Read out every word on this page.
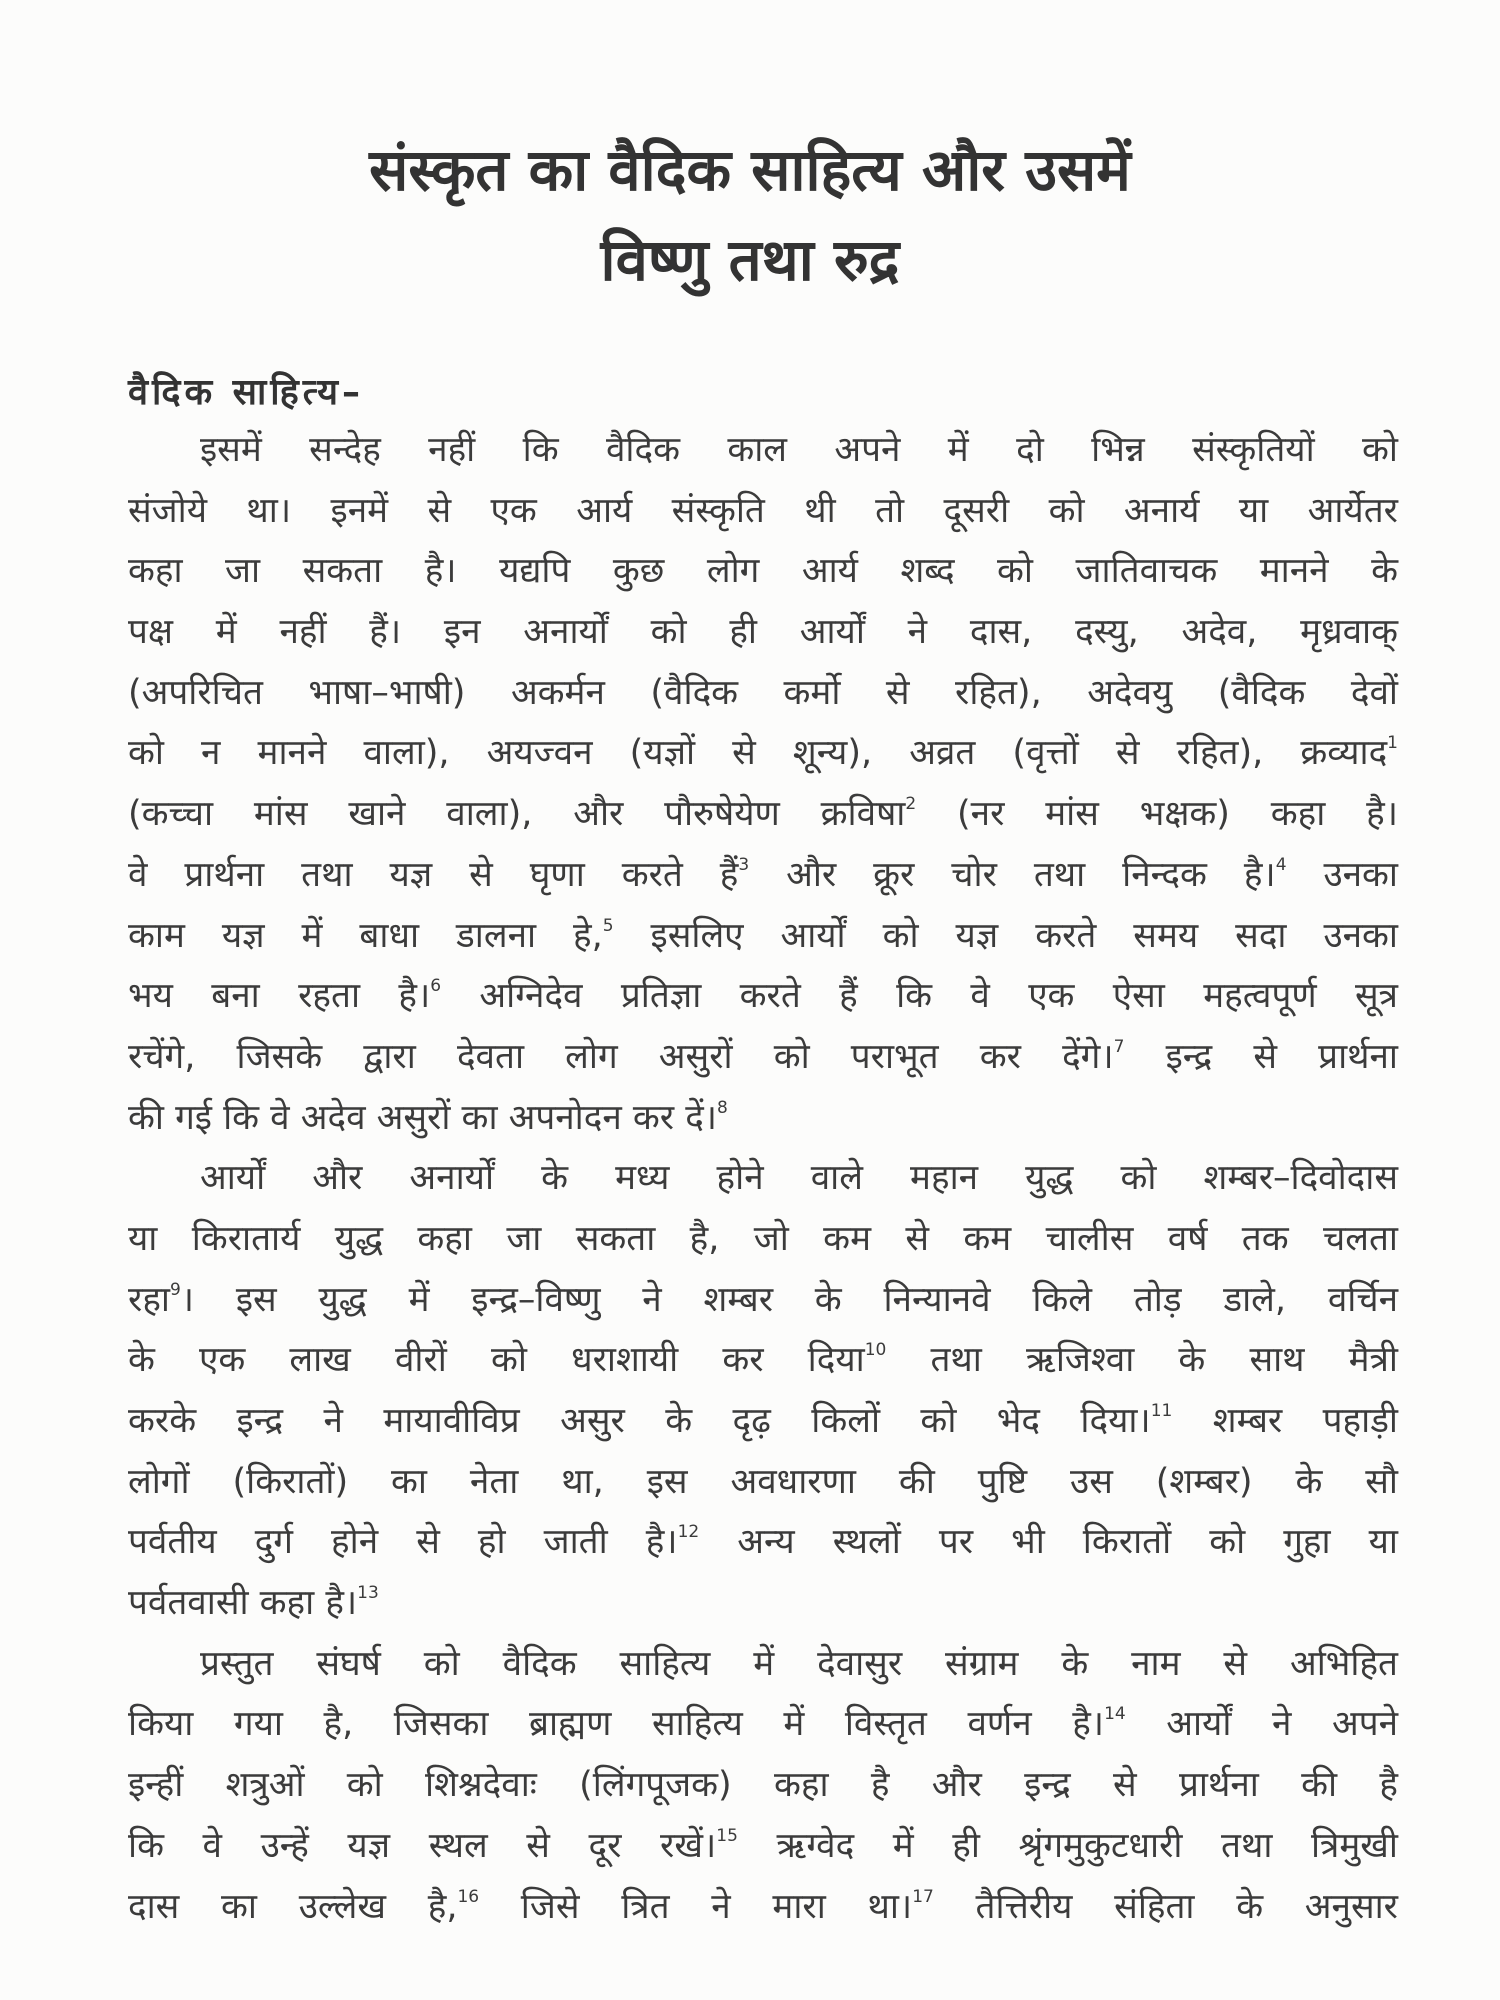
संस्कृत का वैदिक साहित्य और उसमें
विष्णु तथा रुद्र
वैदिक साहित्य–
इसमें सन्देह नहीं कि वैदिक काल अपने में दो भिन्न संस्कृतियों को
संजोये था। इनमें से एक आर्य संस्कृति थी तो दूसरी को अनार्य या आर्येतर
कहा जा सकता है। यद्यपि कुछ लोग आर्य शब्द को जातिवाचक मानने के
पक्ष में नहीं हैं। इन अनार्यों को ही आर्यों ने दास, दस्यु, अदेव, मृध्रवाक्
(अपरिचित भाषा–भाषी) अकर्मन (वैदिक कर्मो से रहित), अदेवयु (वैदिक देवों
को न मानने वाला), अयज्वन (यज्ञों से शून्य), अव्रत (वृत्तों से रहित), क्रव्याद$^1$
(कच्चा मांस खाने वाला), और पौरुषेयेण क्रविषा$^2$ (नर मांस भक्षक) कहा है।
वे प्रार्थना तथा यज्ञ से घृणा करते हैं$^3$ और क्रूर चोर तथा निन्दक है।$^4$ उनका
काम यज्ञ में बाधा डालना हे,$^5$ इसलिए आर्यों को यज्ञ करते समय सदा उनका
भय बना रहता है।$^6$ अग्निदेव प्रतिज्ञा करते हैं कि वे एक ऐसा महत्वपूर्ण सूत्र
रचेंगे, जिसके द्वारा देवता लोग असुरों को पराभूत कर देंगे।$^7$ इन्द्र से प्रार्थना
की गई कि वे अदेव असुरों का अपनोदन कर दें।$^8$
आर्यों और अनार्यों के मध्य होने वाले महान युद्ध को शम्बर–दिवोदास
या किरातार्य युद्ध कहा जा सकता है, जो कम से कम चालीस वर्ष तक चलता
रहा$^9$। इस युद्ध में इन्द्र–विष्णु ने शम्बर के निन्यानवे किले तोड़ डाले, वर्चिन
के एक लाख वीरों को धराशायी कर दिया$^{10}$ तथा ऋजिश्वा के साथ मैत्री
करके इन्द्र ने मायावीविप्र असुर के दृढ़ किलों को भेद दिया।$^{11}$ शम्बर पहाड़ी
लोगों (किरातों) का नेता था, इस अवधारणा की पुष्टि उस (शम्बर) के सौ
पर्वतीय दुर्ग होने से हो जाती है।$^{12}$ अन्य स्थलों पर भी किरातों को गुहा या
पर्वतवासी कहा है।$^{13}$
प्रस्तुत संघर्ष को वैदिक साहित्य में देवासुर संग्राम के नाम से अभिहित
किया गया है, जिसका ब्राह्मण साहित्य में विस्तृत वर्णन है।$^{14}$ आर्यों ने अपने
इन्हीं शत्रुओं को शिश्नदेवाः (लिंगपूजक) कहा है और इन्द्र से प्रार्थना की है
कि वे उन्हें यज्ञ स्थल से दूर रखें।$^{15}$ ऋग्वेद में ही श्रृंगमुकुटधारी तथा त्रिमुखी
दास का उल्लेख है,$^{16}$ जिसे त्रित ने मारा था।$^{17}$ तैत्तिरीय संहिता के अनुसार
